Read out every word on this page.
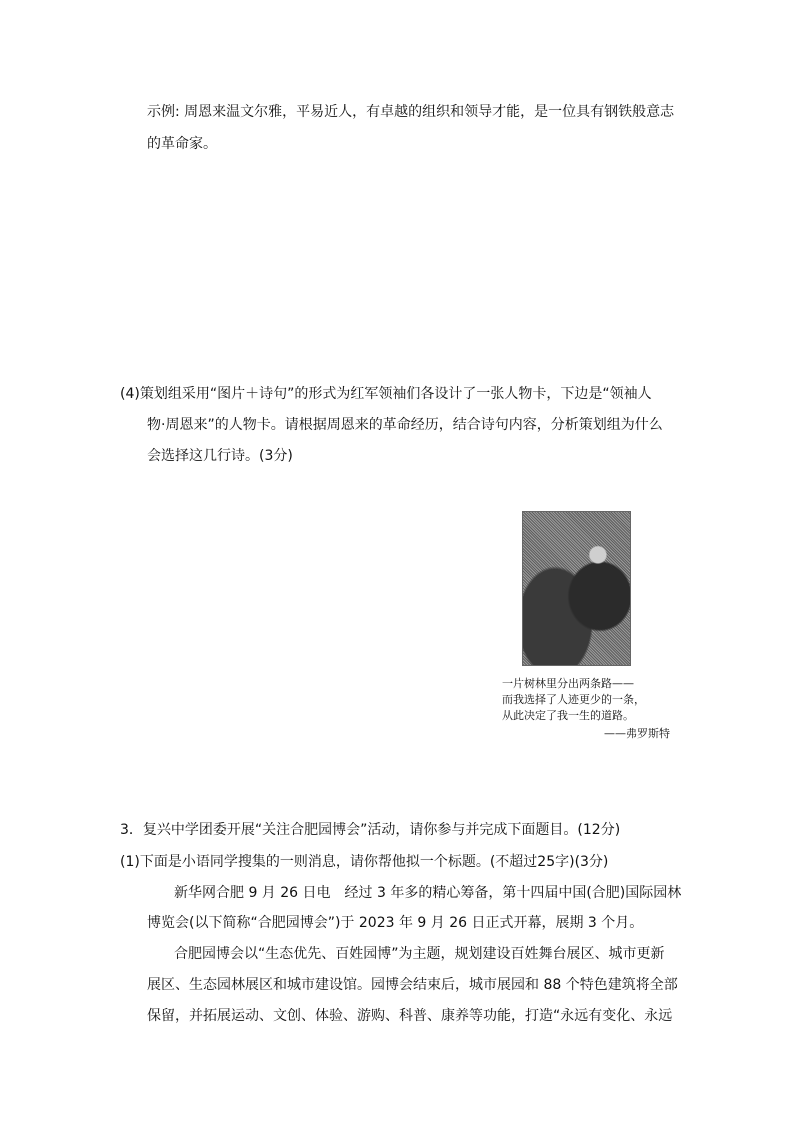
示例: 周恩来温文尔雅，平易近人，有卓越的组织和领导才能，是一位具有钢铁般意志
的革命家。
(4)策划组采用“图片＋诗句”的形式为红军领袖们各设计了一张人物卡，下边是“领袖人
物·周恩来”的人物卡。请根据周恩来的革命经历，结合诗句内容，分析策划组为什么
会选择这几行诗。(3分)
一片树林里分出两条路——
而我选择了人迹更少的一条，
从此决定了我一生的道路。
——弗罗斯特
3．复兴中学团委开展“关注合肥园博会”活动，请你参与并完成下面题目。(12分)
(1)下面是小语同学搜集的一则消息，请你帮他拟一个标题。(不超过25字)(3分)
新华网合肥 9 月 26 日电　经过 3 年多的精心筹备，第十四届中国(合肥)国际园林
博览会(以下简称“合肥园博会”)于 2023 年 9 月 26 日正式开幕，展期 3 个月。
合肥园博会以“生态优先、百姓园博”为主题，规划建设百姓舞台展区、城市更新
展区、生态园林展区和城市建设馆。园博会结束后，城市展园和 88 个特色建筑将全部
保留，并拓展运动、文创、体验、游购、科普、康养等功能，打造“永远有变化、永远
